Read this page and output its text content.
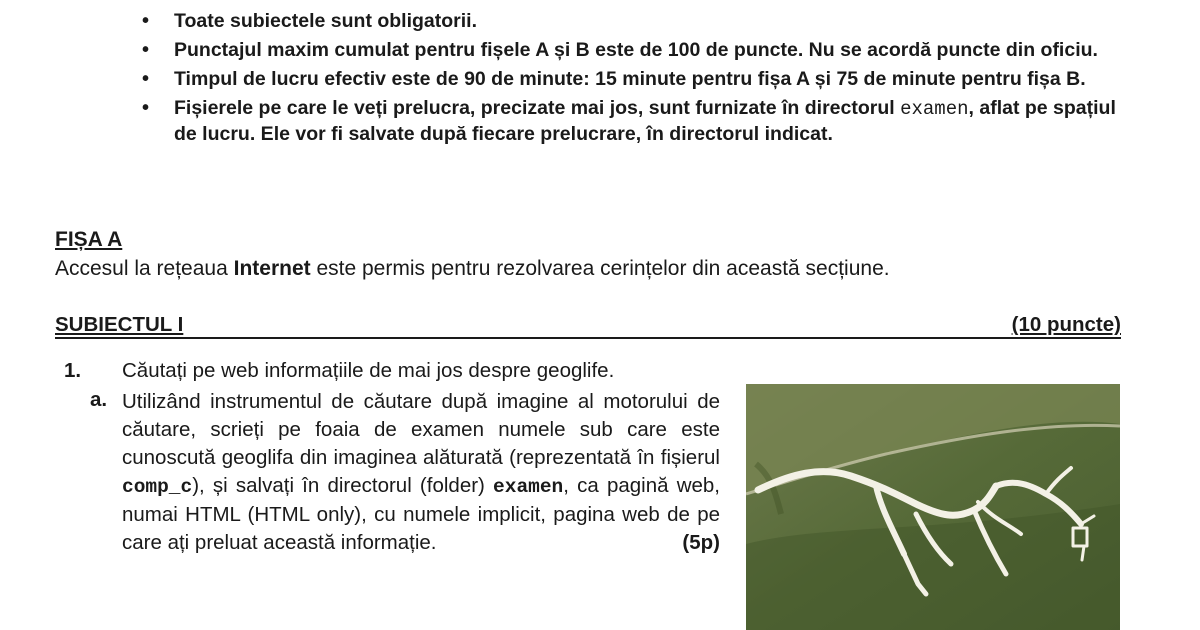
• Toate subiectele sunt obligatorii.
• Punctajul maxim cumulat pentru fișele A și B este de 100 de puncte. Nu se acordă puncte din oficiu.
• Timpul de lucru efectiv este de 90 de minute: 15 minute pentru fișa A și 75 de minute pentru fișa B.
• Fișierele pe care le veți prelucra, precizate mai jos, sunt furnizate în directorul examen, aflat pe spațiul de lucru. Ele vor fi salvate după fiecare prelucrare, în directorul indicat.
FIȘA A

Accesul la rețeaua Internet este permis pentru rezolvarea cerințelor din această secțiune.

SUBIECTUL I	(10 puncte)
1. Căutați pe web informațiile de mai jos despre geoglife.
a. Utilizând instrumentul de căutare după imagine al motorului de căutare, scrieți pe foaia de examen numele sub care este cunoscută geoglifa din imaginea alăturată (reprezentată în fișierul comp_c), și salvați în directorul (folder) examen, ca pagină web, numai HTML (HTML only), cu numele implicit, pagina web de pe care ați preluat această informație.	(5p)
